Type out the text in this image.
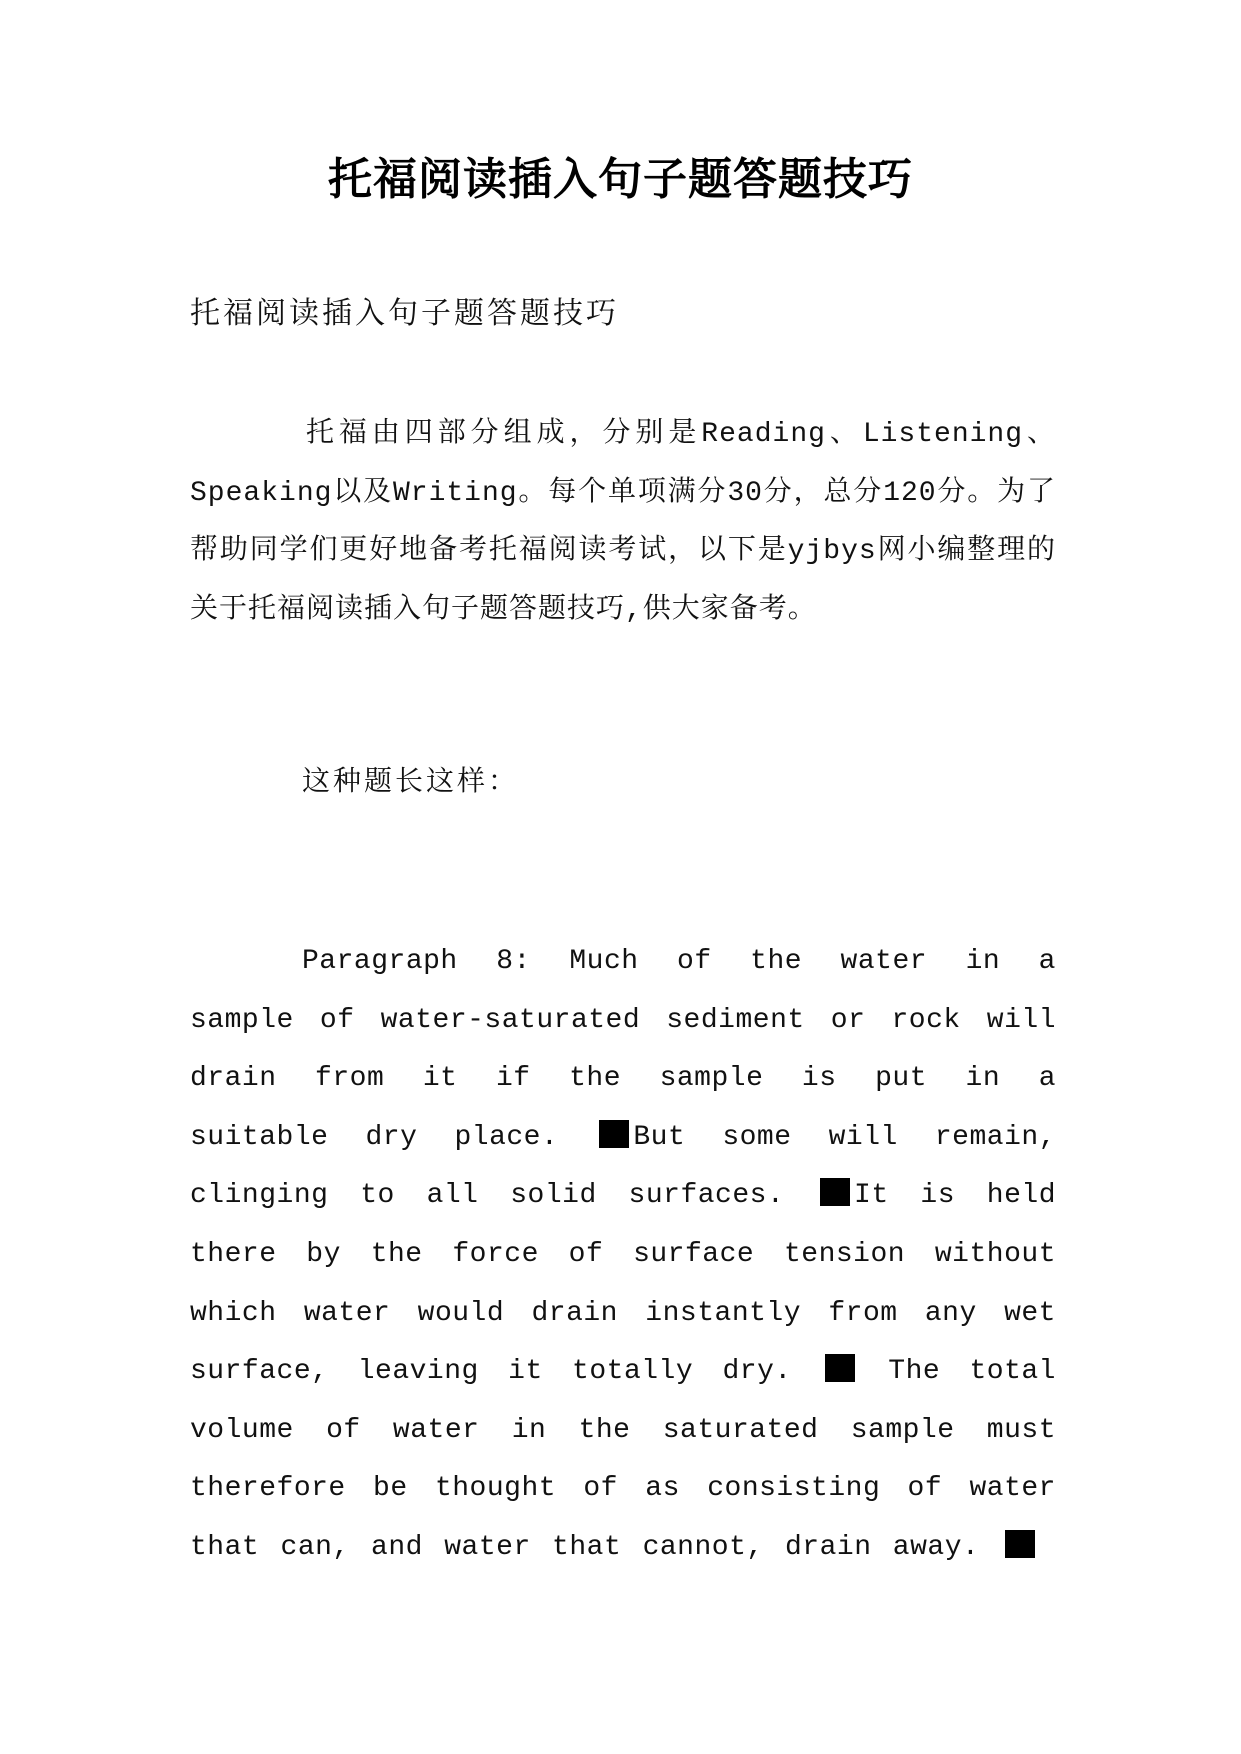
托福阅读插入句子题答题技巧
托福阅读插入句子题答题技巧

托福由四部分组成，分别是Reading、Listening、Speaking以及Writing。每个单项满分30分，总分120分。为了帮助同学们更好地备考托福阅读考试，以下是yjbys网小编整理的关于托福阅读插入句子题答题技巧,供大家备考。

这种题长这样：

Paragraph 8: Much of the water in a sample of water-saturated sediment or rock will drain from it if the sample is put in a suitable dry place. But some will remain, clinging to all solid surfaces. It is held there by the force of surface tension without which water would drain instantly from any wet surface, leaving it totally dry.  The total volume of water in the saturated sample must therefore be thought of as consisting of water that can, and water that cannot, drain away.
